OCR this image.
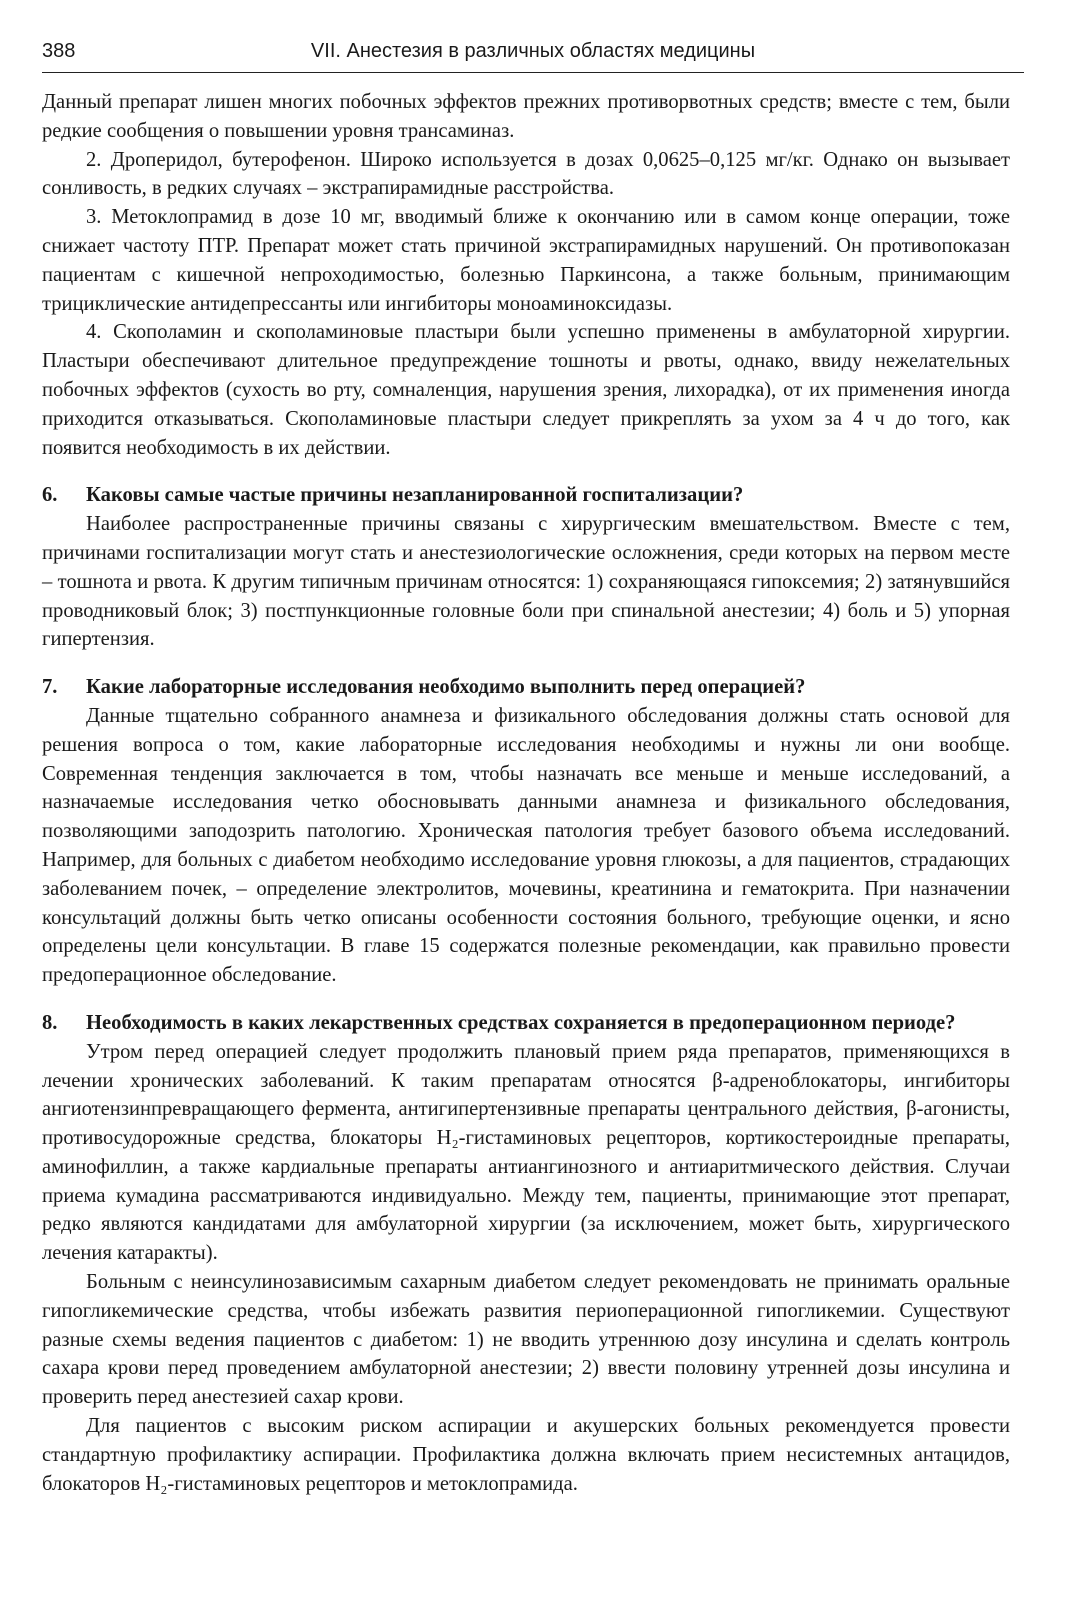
388	VII. Анестезия в различных областях медицины

Данный препарат лишен многих побочных эффектов прежних противорвотных средств; вместе с тем, были редкие сообщения о повышении уровня трансаминаз.

2. Дроперидол, бутерофенон. Широко используется в дозах 0,0625–0,125 мг/кг. Однако он вызывает сонливость, в редких случаях – экстрапирамидные расстройства.

3. Метоклопрамид в дозе 10 мг, вводимый ближе к окончанию или в самом конце операции, тоже снижает частоту ПТР. Препарат может стать причиной экстрапирамидных нарушений. Он противопоказан пациентам с кишечной непроходимостью, болезнью Паркинсона, а также больным, принимающим трициклические антидепрессанты или ингибиторы моноаминоксидазы.

4. Скополамин и скополаминовые пластыри были успешно применены в амбулаторной хирургии. Пластыри обеспечивают длительное предупреждение тошноты и рвоты, однако, ввиду нежелательных побочных эффектов (сухость во рту, сомналенция, нарушения зрения, лихорадка), от их применения иногда приходится отказываться. Скополаминовые пластыри следует прикреплять за ухом за 4 ч до того, как появится необходимость в их действии.

6.	Каковы самые частые причины незапланированной госпитализации?

Наиболее распространенные причины связаны с хирургическим вмешательством. Вместе с тем, причинами госпитализации могут стать и анестезиологические осложнения, среди которых на первом месте – тошнота и рвота. К другим типичным причинам относятся: 1) сохраняющаяся гипоксемия; 2) затянувшийся проводниковый блок; 3) постпункционные головные боли при спинальной анестезии; 4) боль и 5) упорная гипертензия.

7.	Какие лабораторные исследования необходимо выполнить перед операцией?

Данные тщательно собранного анамнеза и физикального обследования должны стать основой для решения вопроса о том, какие лабораторные исследования необходимы и нужны ли они вообще. Современная тенденция заключается в том, чтобы назначать все меньше и меньше исследований, а назначаемые исследования четко обосновывать данными анамнеза и физикального обследования, позволяющими заподозрить патологию. Хроническая патология требует базового объема исследований. Например, для больных с диабетом необходимо исследование уровня глюкозы, а для пациентов, страдающих заболеванием почек, – определение электролитов, мочевины, креатинина и гематокрита. При назначении консультаций должны быть четко описаны особенности состояния больного, требующие оценки, и ясно определены цели консультации. В главе 15 содержатся полезные рекомендации, как правильно провести предоперационное обследование.

8.	Необходимость в каких лекарственных средствах сохраняется в предоперационном периоде?

Утром перед операцией следует продолжить плановый прием ряда препаратов, применяющихся в лечении хронических заболеваний. К таким препаратам относятся β-адреноблокаторы, ингибиторы ангиотензинпревращающего фермента, антигипертензивные препараты центрального действия, β-агонисты, противосудорожные средства, блокаторы H₂-гистаминовых рецепторов, кортикостероидные препараты, аминофиллин, а также кардиальные препараты антиангинозного и антиаритмического действия. Случаи приема кумадина рассматриваются индивидуально. Между тем, пациенты, принимающие этот препарат, редко являются кандидатами для амбулаторной хирургии (за исключением, может быть, хирургического лечения катаракты).

Больным с неинсулинозависимым сахарным диабетом следует рекомендовать не принимать оральные гипогликемические средства, чтобы избежать развития периоперационной гипогликемии. Существуют разные схемы ведения пациентов с диабетом: 1) не вводить утреннюю дозу инсулина и сделать контроль сахара крови перед проведением амбулаторной анестезии; 2) ввести половину утренней дозы инсулина и проверить перед анестезией сахар крови.

Для пациентов с высоким риском аспирации и акушерских больных рекомендуется провести стандартную профилактику аспирации. Профилактика должна включать прием несистемных антацидов, блокаторов H₂-гистаминовых рецепторов и метоклопрамида.
